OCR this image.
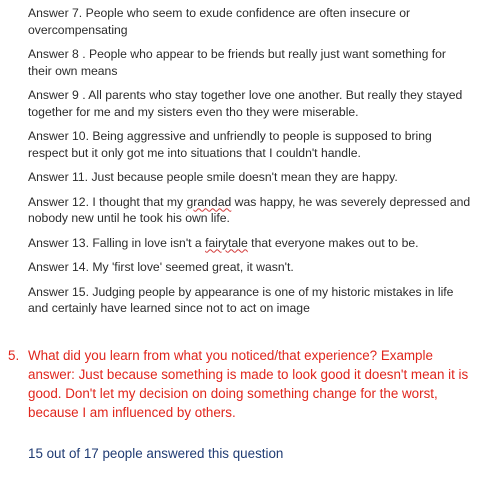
Answer 7. People who seem to exude confidence are often insecure or overcompensating

Answer 8 . People who appear to be friends but really just want something for their own means

Answer 9 . All parents who stay together love one another. But really they stayed together for me and my sisters even tho they were miserable.

Answer 10. Being aggressive and unfriendly to people is supposed to bring respect but it only got me into situations that I couldn't handle.

Answer 11. Just because people smile doesn't mean they are happy.

Answer 12. I thought that my grandad was happy, he was severely depressed and nobody new until he took his own life.

Answer 13. Falling in love isn't a fairytale that everyone makes out to be.

Answer 14. My 'first love' seemed great, it wasn't.

Answer 15. Judging people by appearance is one of my historic mistakes in life and certainly have learned since not to act on image

5. What did you learn from what you noticed/that experience? Example answer: Just because something is made to look good it doesn't mean it is good. Don't let my decision on doing something change for the worst, because I am influenced by others.
15 out of 17 people answered this question
